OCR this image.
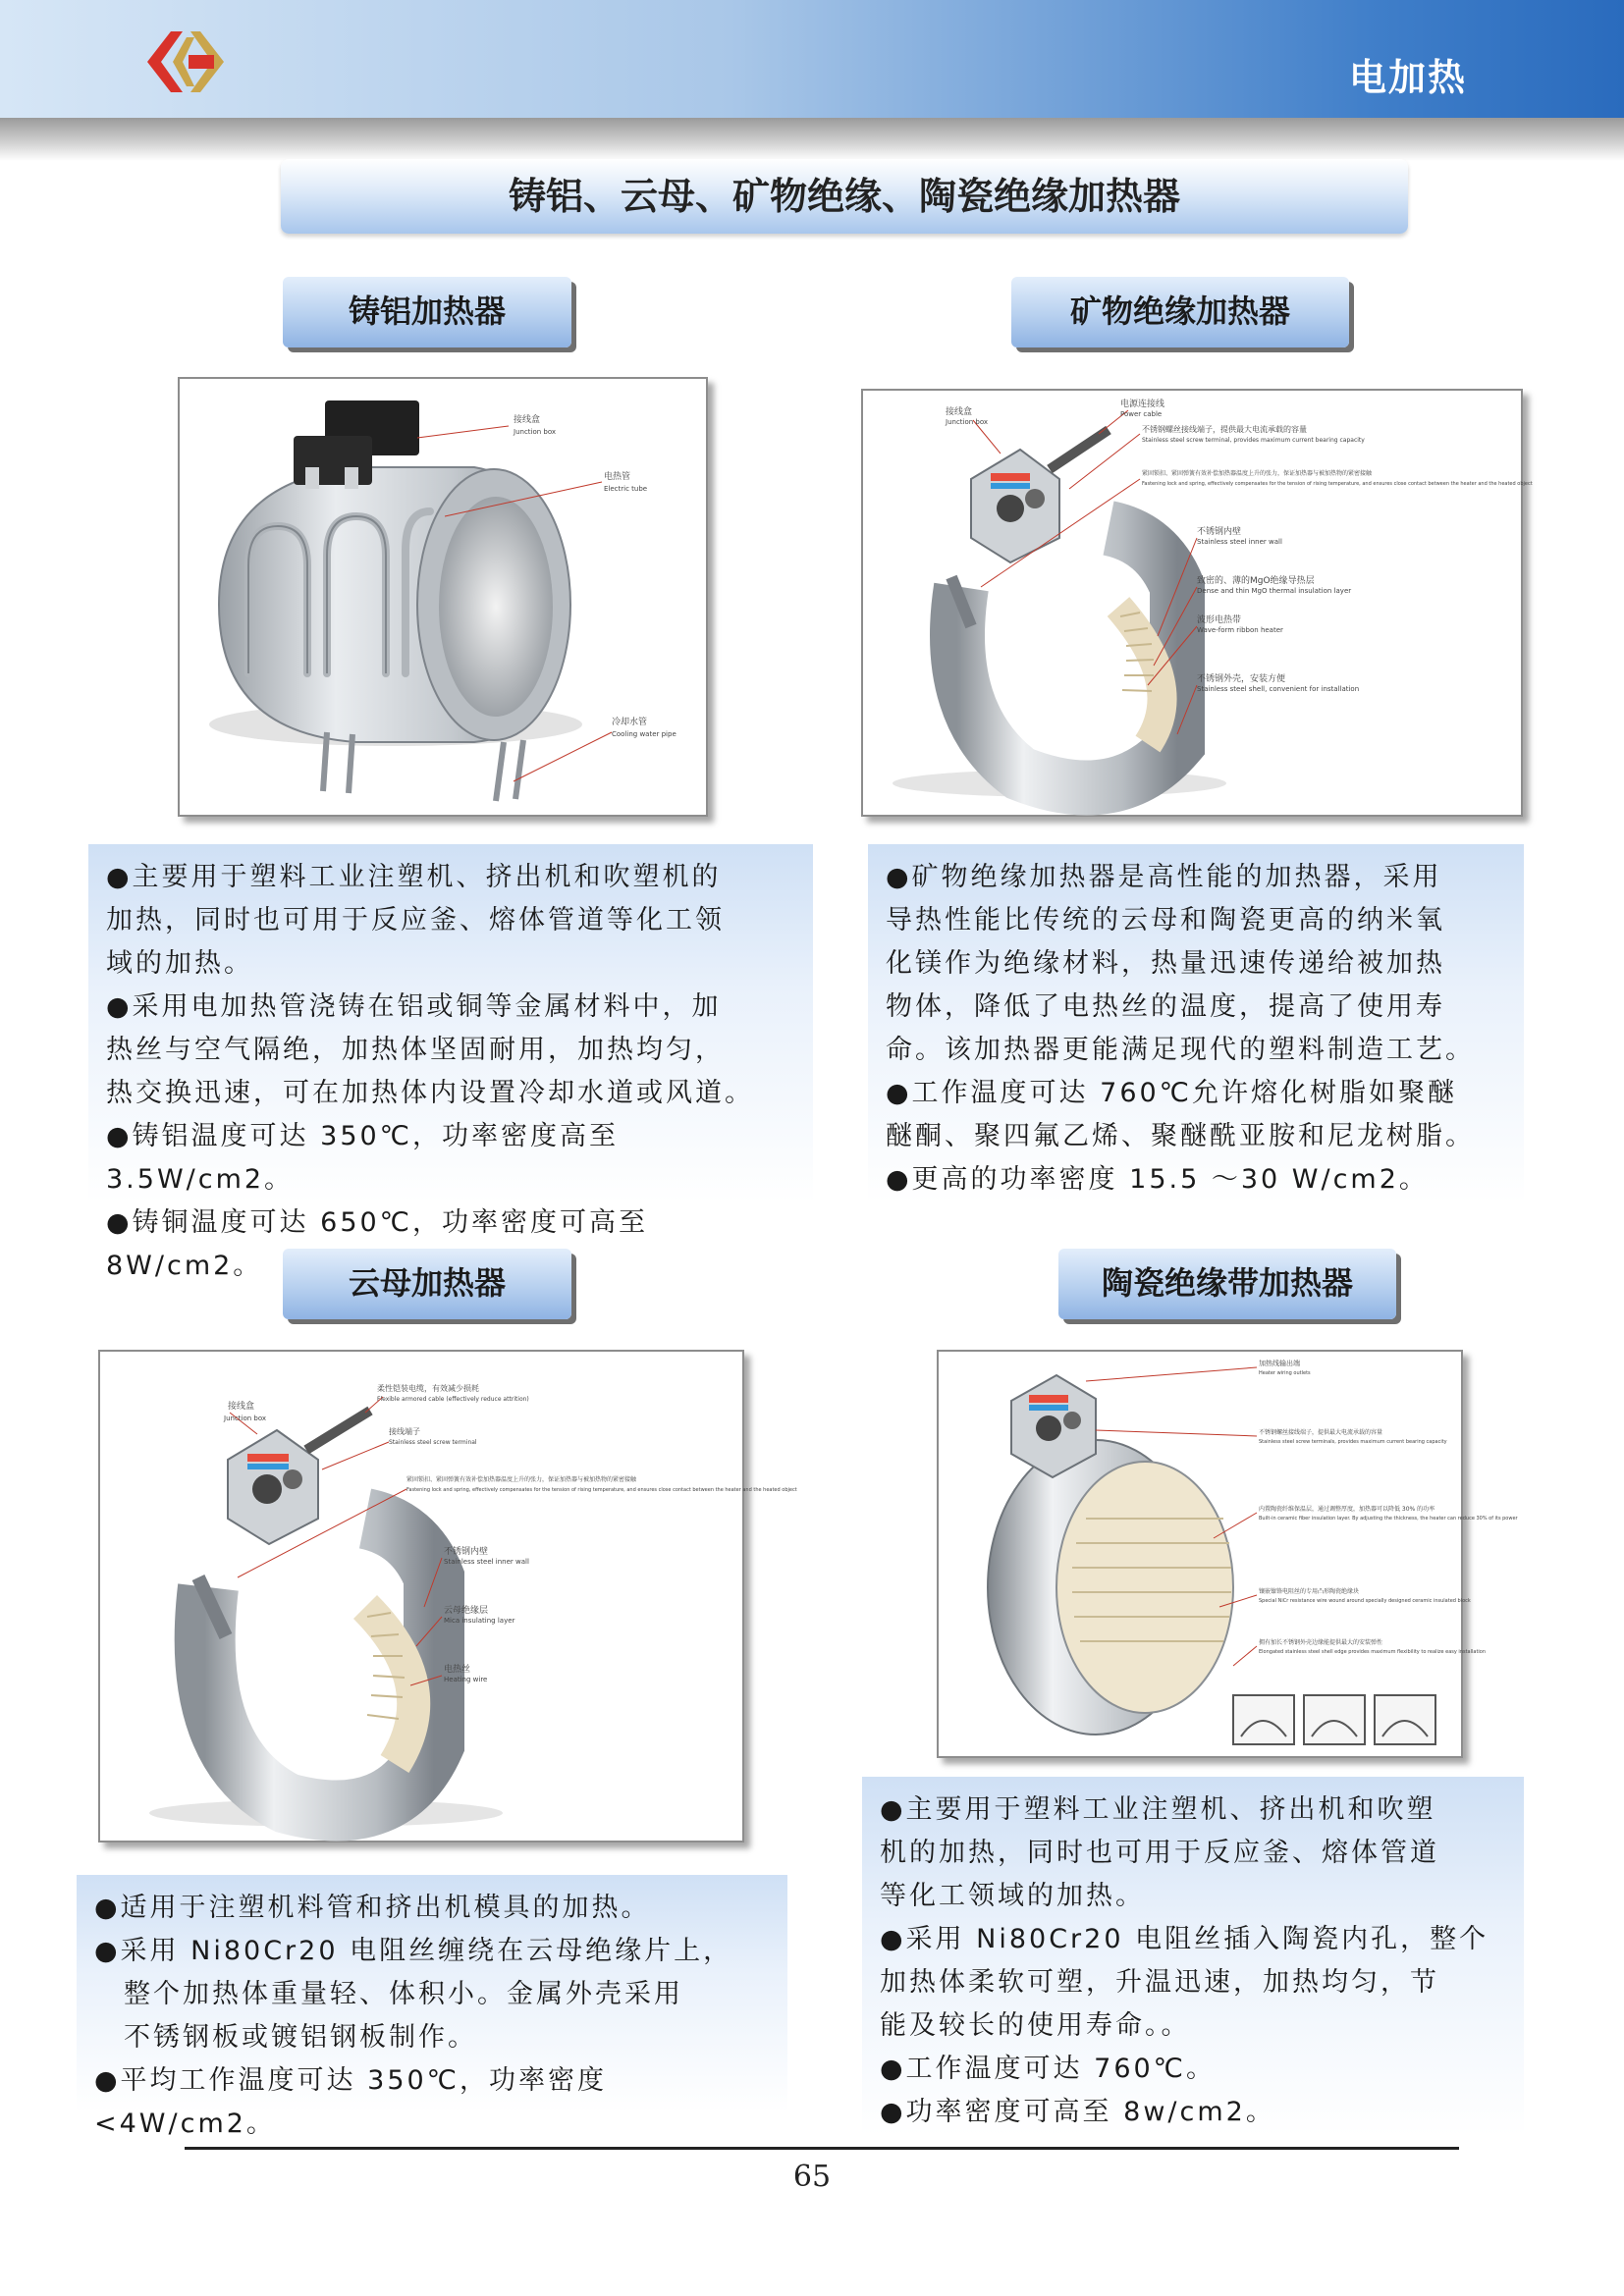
电加热
铸铝、云母、矿物绝缘、陶瓷绝缘加热器
铸铝加热器
接线盒
Junction box
电热管
Electric tube
冷却水管
Cooling water pipe

●主要用于塑料工业注塑机、挤出机和吹塑机的

加热，同时也可用于反应釜、熔体管道等化工领

域的加热。

●采用电加热管浇铸在铝或铜等金属材料中，加

热丝与空气隔绝，加热体坚固耐用，加热均匀，

热交换迅速，可在加热体内设置冷却水道或风道。

●铸铝温度可达 350℃，功率密度高至 3.5W/cm2。

●铸铜温度可达 650℃，功率密度可高至 8W/cm2。

矿物绝缘加热器
接线盒
Junction box
电源连接线
Power cable
不锈钢螺丝接线端子，提供最大电流承载的容量
Stainless steel screw terminal, provides maximum current bearing capacity
紧固锁扣、紧固弹簧有效补偿加热器温度上升的张力，保证加热器与被加热物的紧密接触
Fastening lock and spring, effectively compensates for the tension of rising temperature, and ensures close contact between the heater and the heated object
不锈钢内壁
Stainless steel inner wall
致密的、薄的MgO绝缘导热层
Dense and thin MgO thermal insulation layer
波形电热带
Wave-form ribbon heater
不锈钢外壳，安装方便
Stainless steel shell, convenient for installation

●矿物绝缘加热器是高性能的加热器，采用

导热性能比传统的云母和陶瓷更高的纳米氧

化镁作为绝缘材料，热量迅速传递给被加热

物体，降低了电热丝的温度，提高了使用寿

命。该加热器更能满足现代的塑料制造工艺。

●工作温度可达 760℃允许熔化树脂如聚醚

醚酮、聚四氟乙烯、聚醚酰亚胺和尼龙树脂。

●更高的功率密度 15.5 ～30 W/cm2。

云母加热器
接线盒
Junction box
柔性铠装电缆，有效减少损耗
Flexible armored cable (effectively reduce attrition)
接线端子
Stainless steel screw terminal
紧固锁扣、紧固弹簧有效补偿加热器温度上升的张力，保证加热器与被加热物的紧密接触
Fastening lock and spring, effectively compensates for the tension of rising temperature, and ensures close contact between the heater and the heated object
不锈钢内壁
Stainless steel inner wall
云母绝缘层
Mica insulating layer
电热丝
Heating wire

●适用于注塑机料管和挤出机模具的加热。

●采用 Ni80Cr20 电阻丝缠绕在云母绝缘片上，

　整个加热体重量轻、体积小。金属外壳采用

　不锈钢板或镀铝钢板制作。

●平均工作温度可达 350℃，功率密度<4W/cm2。

陶瓷绝缘带加热器
加热线输出端
Heater wiring outlets
不锈钢螺丝接线端子，提供最大电流承载的容量
Stainless steel screw terminals, provides maximum current bearing capacity
内置陶瓷纤维保温层，通过调整厚度，加热器可以降低 30% 的功率
Built-in ceramic fiber insulation layer. By adjusting the thickness, the heater can reduce 30% of its power
镶嵌镍铬电阻丝的专用凸形陶瓷绝缘块
Special NiCr resistance wire wound around specially designed ceramic insulated block
拥有加长不锈钢外壳边缘能提供最大的安装弹性
Elongated stainless steel shell edge provides maximum flexibility to realize easy installation

●主要用于塑料工业注塑机、挤出机和吹塑

机的加热，同时也可用于反应釜、熔体管道

等化工领域的加热。

●采用 Ni80Cr20 电阻丝插入陶瓷内孔，整个

加热体柔软可塑，升温迅速，加热均匀，节

能及较长的使用寿命。。

●工作温度可达 760℃。

●功率密度可高至 8w/cm2。

65
